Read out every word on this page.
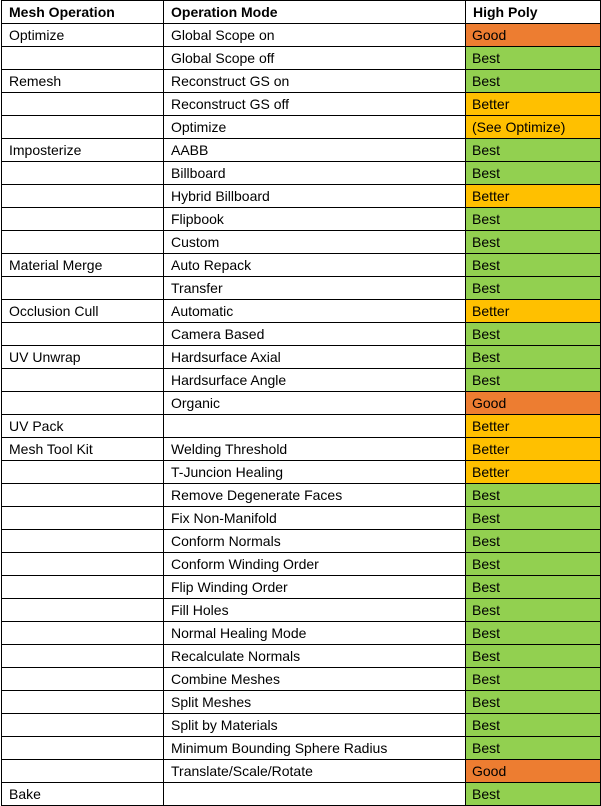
Mesh Operation	Operation Mode	High Poly
Optimize	Global Scope on	Good
	Global Scope off	Best
Remesh	Reconstruct GS on	Best
	Reconstruct GS off	Better
	Optimize	(See Optimize)
Imposterize	AABB	Best
	Billboard	Best
	Hybrid Billboard	Better
	Flipbook	Best
	Custom	Best
Material Merge	Auto Repack	Best
	Transfer	Best
Occlusion Cull	Automatic	Better
	Camera Based	Best
UV Unwrap	Hardsurface Axial	Best
	Hardsurface Angle	Best
	Organic	Good
UV Pack		Better
Mesh Tool Kit	Welding Threshold	Better
	T-Juncion Healing	Better
	Remove Degenerate Faces	Best
	Fix Non-Manifold	Best
	Conform Normals	Best
	Conform Winding Order	Best
	Flip Winding Order	Best
	Fill Holes	Best
	Normal Healing Mode	Best
	Recalculate Normals	Best
	Combine Meshes	Best
	Split Meshes	Best
	Split by Materials	Best
	Minimum Bounding Sphere Radius	Best
	Translate/Scale/Rotate	Good
Bake		Best
